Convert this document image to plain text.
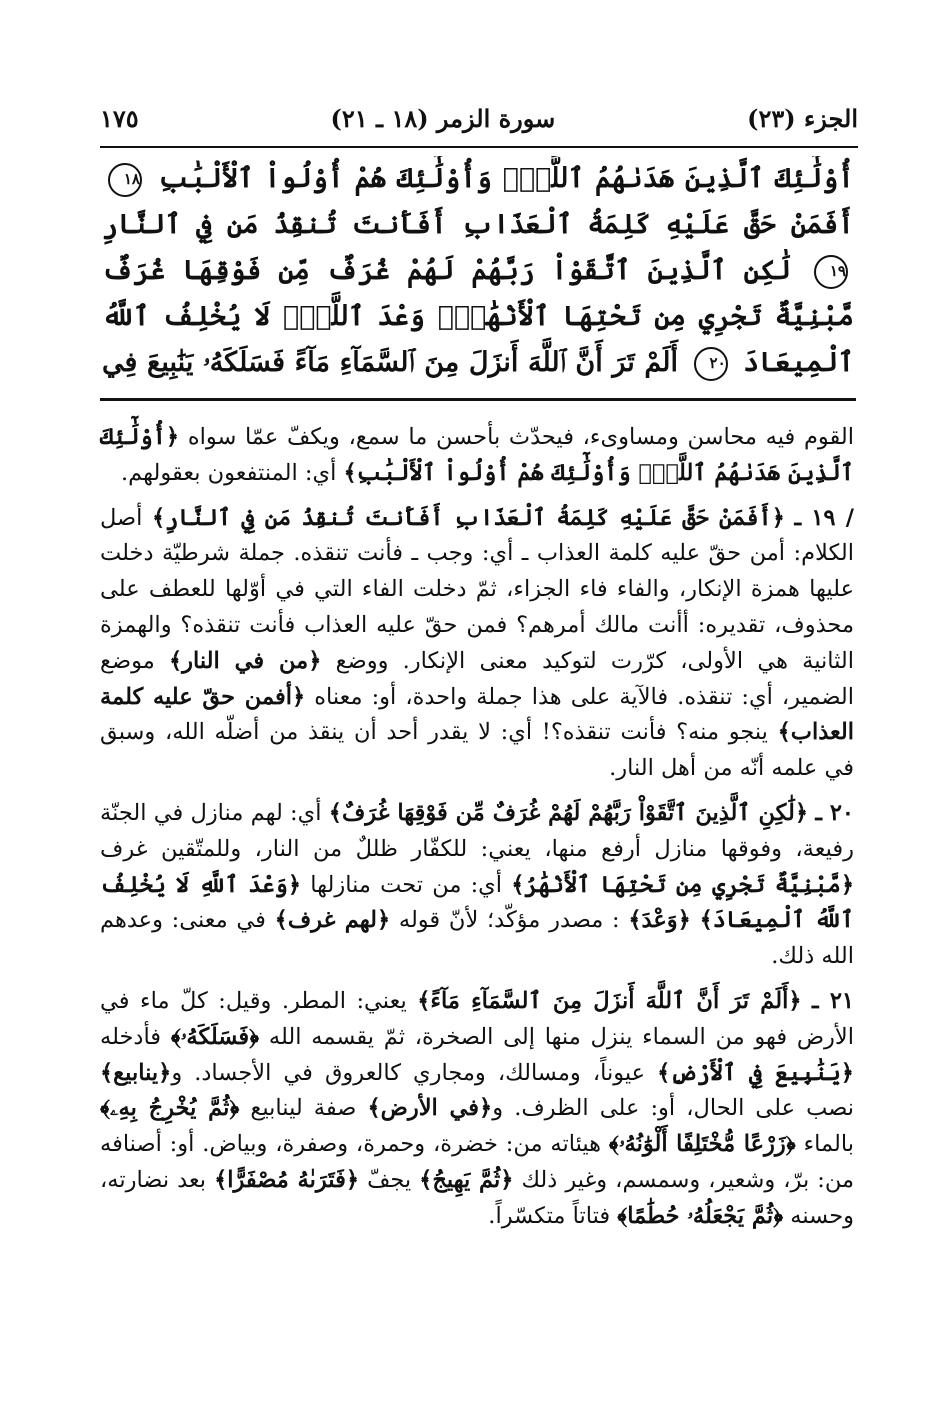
الجزء (٢٣)
سورة الزمر (١٨ ـ ٢١)
١٧٥
أُوْلَٰٓئِكَ ٱلَّذِينَ هَدَىٰهُمُ ٱللَّهُۖ وَأُوْلَٰٓئِكَ هُمْ أُوْلُواْ ٱلْأَلْبَٰبِ ١٨ أَفَمَنْ حَقَّ عَلَيْهِ كَلِمَةُ ٱلْعَذَابِ أَفَأَنتَ تُنقِذُ مَن فِي ٱلنَّارِ ١٩ لَٰكِنِ ٱلَّذِينَ ٱتَّقَوْاْ رَبَّهُمْ لَهُمْ غُرَفٌ مِّن فَوْقِهَا غُرَفٌ مَّبْنِيَّةٌ تَجْرِي مِن تَحْتِهَا ٱلْأَنْهَٰرُۖ وَعْدَ ٱللَّهِۖ لَا يُخْلِفُ ٱللَّهُ ٱلْمِيعَادَ ٢٠ أَلَمْ تَرَ أَنَّ ٱللَّهَ أَنزَلَ مِنَ ٱلسَّمَآءِ مَآءً فَسَلَكَهُۥ يَنَٰبِيعَ فِي

القوم فيه محاسن ومساوىء، فيحدّث بأحسن ما سمع، ويكفّ عمّا سواه ﴿أُوْلَٰٓئِكَ ٱلَّذِينَ هَدَىٰهُمُ ٱللَّهُۖ وَأُوْلَٰٓئِكَ هُمْ أُوْلُواْ ٱلْأَلْبَٰبِ﴾ أي: المنتفعون بعقولهم.

/ ١٩ ـ ﴿أَفَمَنْ حَقَّ عَلَيْهِ كَلِمَةُ ٱلْعَذَابِ أَفَأَنتَ تُنقِذُ مَن فِي ٱلنَّارِ﴾ أصل الكلام: أمن حقّ عليه كلمة العذاب ـ أي: وجب ـ فأنت تنقذه. جملة شرطيّة دخلت عليها همزة الإنكار، والفاء فاء الجزاء، ثمّ دخلت الفاء التي في أوّلها للعطف على محذوف، تقديره: أأنت مالك أمرهم؟ فمن حقّ عليه العذاب فأنت تنقذه؟ والهمزة الثانية هي الأولى، كرّرت لتوكيد معنى الإنكار. ووضع ﴿من في النار﴾ موضع الضمير، أي: تنقذه. فالآية على هذا جملة واحدة، أو: معناه ﴿أفمن حقّ عليه كلمة العذاب﴾ ينجو منه؟ فأنت تنقذه؟! أي: لا يقدر أحد أن ينقذ من أضلّه الله، وسبق في علمه أنّه من أهل النار.

٢٠ ـ ﴿لَٰكِنِ ٱلَّذِينَ ٱتَّقَوْاْ رَبَّهُمْ لَهُمْ غُرَفٌ مِّن فَوْقِهَا غُرَفٌ﴾ أي: لهم منازل في الجنّة رفيعة، وفوقها منازل أرفع منها، يعني: للكفّار ظللٌ من النار، وللمتّقين غرف ﴿مَّبْنِيَّةٌ تَجْرِي مِن تَحْتِهَا ٱلْأَنْهَٰرُ﴾ أي: من تحت منازلها ﴿وَعْدَ ٱللَّهِ لَا يُخْلِفُ ٱللَّهُ ٱلْمِيعَادَ﴾ ﴿وَعْدَ﴾ : مصدر مؤكّد؛ لأنّ قوله ﴿لهم غرف﴾ في معنى: وعدهم الله ذلك.

٢١ ـ ﴿أَلَمْ تَرَ أَنَّ ٱللَّهَ أَنزَلَ مِنَ ٱلسَّمَآءِ مَآءً﴾ يعني: المطر. وقيل: كلّ ماء في الأرض فهو من السماء ينزل منها إلى الصخرة، ثمّ يقسمه الله ﴿فَسَلَكَهُۥ﴾ فأدخله ﴿يَنَٰبِيعَ فِي ٱلْأَرْضِ﴾ عيوناً، ومسالك، ومجاري كالعروق في الأجساد. و﴿ينابيع﴾ نصب على الحال، أو: على الظرف. و﴿في الأرض﴾ صفة لينابيع ﴿ثُمَّ يُخْرِجُ بِهِۦ﴾ بالماء ﴿زَرْعًا مُّخْتَلِفًا أَلْوَٰنُهُۥ﴾ هيئاته من: خضرة، وحمرة، وصفرة، وبياض. أو: أصنافه من: برّ، وشعير، وسمسم، وغير ذلك ﴿ثُمَّ يَهِيجُ﴾ يجفّ ﴿فَتَرَىٰهُ مُصْفَرًّا﴾ بعد نضارته، وحسنه ﴿ثُمَّ يَجْعَلُهُۥ حُطَٰمًا﴾ فتاتاً متكسّراً.
